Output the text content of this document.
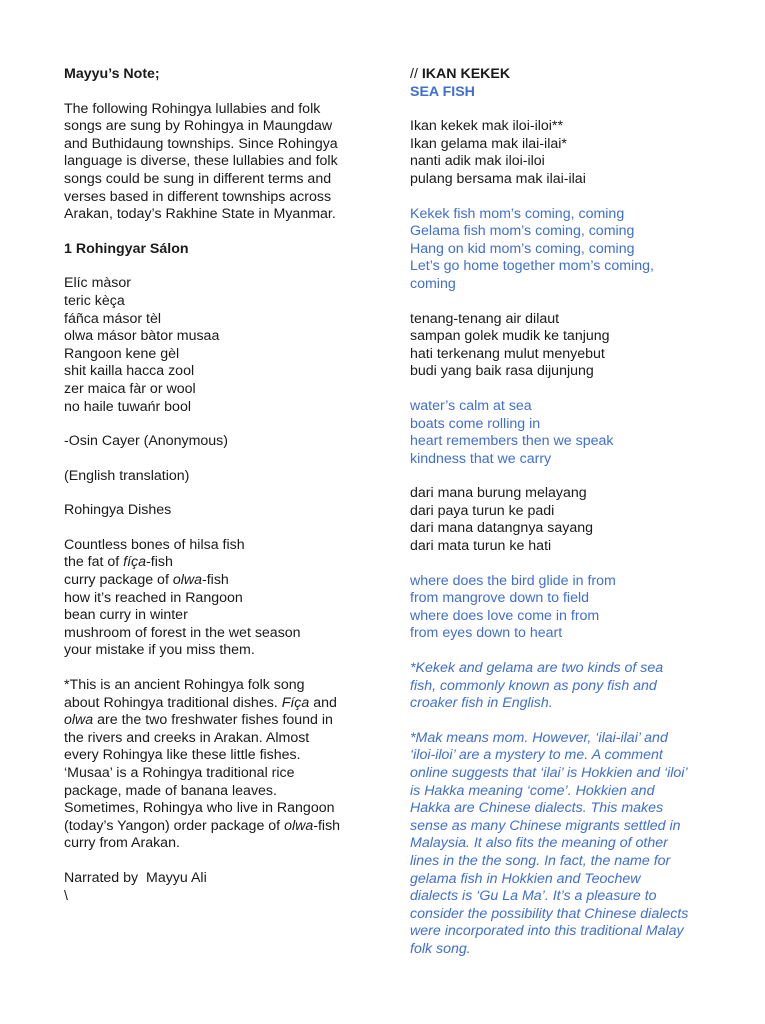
Mayyu’s Note;

The following Rohingya lullabies and folk
songs are sung by Rohingya in Maungdaw
and Buthidaung townships. Since Rohingya
language is diverse, these lullabies and folk
songs could be sung in different terms and
verses based in different townships across
Arakan, today’s Rakhine State in Myanmar.

1 Rohingyar Sálon

Elíc màsor
teric kèça
fáñca másor tèl
olwa másor bàtor musaa
Rangoon kene gèl
shit kailla hacca zool
zer maica fàr or wool
no haile tuwańr bool

-Osin Cayer (Anonymous)

(English translation)

Rohingya Dishes

Countless bones of hilsa fish
the fat of fíça-fish
curry package of olwa-fish
how it’s reached in Rangoon
bean curry in winter
mushroom of forest in the wet season
your mistake if you miss them.
*This is an ancient Rohingya folk song
about Rohingya traditional dishes. Fíça and
olwa are the two freshwater fishes found in
the rivers and creeks in Arakan. Almost
every Rohingya like these little fishes.
‘Musaa’ is a Rohingya traditional rice
package, made of banana leaves.
Sometimes, Rohingya who live in Rangoon
(today’s Yangon) order package of olwa-fish
curry from Arakan.

Narrated by  Mayyu Ali

\

// IKAN KEKEK

SEA FISH

Ikan kekek mak iloi-iloi**
Ikan gelama mak ilai-ilai*
nanti adik mak iloi-iloi
pulang bersama mak ilai-ilai
Kekek fish mom’s coming, coming
Gelama fish mom’s coming, coming
Hang on kid mom’s coming, coming
Let’s go home together mom’s coming,
coming
tenang-tenang air dilaut
sampan golek mudik ke tanjung
hati terkenang mulut menyebut
budi yang baik rasa dijunjung
water’s calm at sea
boats come rolling in
heart remembers then we speak
kindness that we carry
dari mana burung melayang
dari paya turun ke padi
dari mana datangnya sayang
dari mata turun ke hati
where does the bird glide in from
from mangrove down to field
where does love come in from
from eyes down to heart
*Kekek and gelama are two kinds of sea
fish, commonly known as pony fish and
croaker fish in English.
*Mak means mom. However, ‘ilai-ilai’ and
‘iloi-iloi’ are a mystery to me. A comment
online suggests that ‘ilai’ is Hokkien and ‘iloi’
is Hakka meaning ‘come’. Hokkien and
Hakka are Chinese dialects. This makes
sense as many Chinese migrants settled in
Malaysia. It also fits the meaning of other
lines in the the song. In fact, the name for
gelama fish in Hokkien and Teochew
dialects is ‘Gu La Ma’. It’s a pleasure to
consider the possibility that Chinese dialects
were incorporated into this traditional Malay
folk song.
